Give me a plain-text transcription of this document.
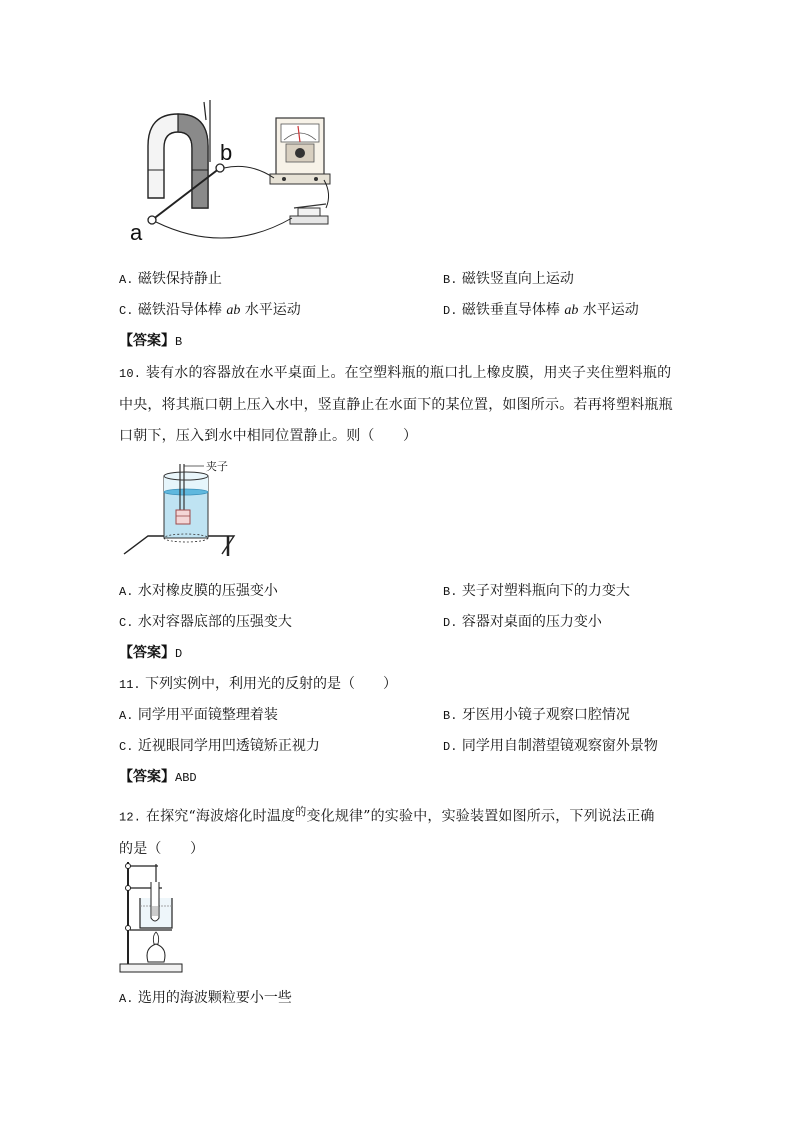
a
b
A. 磁铁保持静止	B. 磁铁竖直向上运动
C. 磁铁沿导体棒 ab 水平运动	D. 磁铁垂直导体棒 ab 水平运动
【答案】B
10. 装有水的容器放在水平桌面上。在空塑料瓶的瓶口扎上橡皮膜，用夹子夹住塑料瓶的
中央，将其瓶口朝上压入水中，竖直静止在水面下的某位置，如图所示。若再将塑料瓶瓶
口朝下，压入到水中相同位置静止。则（　　）
夹子
A. 水对橡皮膜的压强变小	B. 夹子对塑料瓶向下的力变大
C. 水对容器底部的压强变大	D. 容器对桌面的压力变小
【答案】D
11. 下列实例中，利用光的反射的是（　　）
A. 同学用平面镜整理着装	B. 牙医用小镜子观察口腔情况
C. 近视眼同学用凹透镜矫正视力	D. 同学用自制潜望镜观察窗外景物
【答案】ABD
12. 在探究“海波熔化时温度$^的$变化规律”的实验中，实验装置如图所示，下列说法正确
的是（　　）
A. 选用的海波颗粒要小一些
